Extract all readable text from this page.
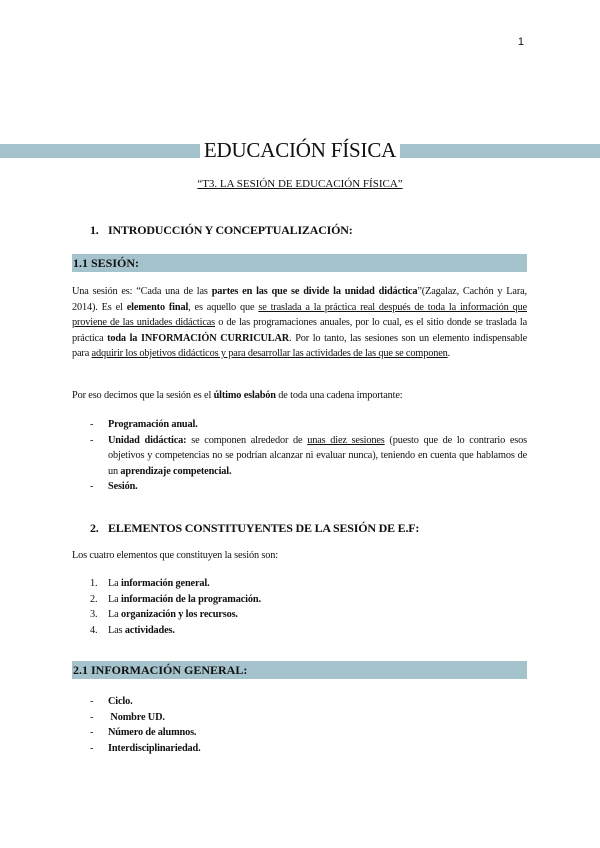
1
EDUCACIÓN FÍSICA
“T3. LA SESIÓN DE EDUCACIÓN FÍSICA”
1. INTRODUCCIÓN Y CONCEPTUALIZACIÓN:
1.1 SESIÓN:
Una sesión es: “Cada una de las partes en las que se divide la unidad didáctica”(Zagalaz, Cachón y Lara, 2014). Es el elemento final, es aquello que se traslada a la práctica real después de toda la información que proviene de las unidades didácticas o de las programaciones anuales, por lo cual, es el sitio donde se traslada la práctica toda la INFORMACIÓN CURRICULAR. Por lo tanto, las sesiones son un elemento indispensable para adquirir los objetivos didácticos y para desarrollar las actividades de las que se componen.
Por eso decimos que la sesión es el último eslabón de toda una cadena importante:
- Programación anual.
- Unidad didáctica: se componen alrededor de unas diez sesiones (puesto que de lo contrario esos objetivos y competencias no se podrían alcanzar ni evaluar nunca), teniendo en cuenta que hablamos de un aprendizaje competencial.
- Sesión.
2. ELEMENTOS CONSTITUYENTES DE LA SESIÓN DE E.F:
Los cuatro elementos que constituyen la sesión son:
1. La información general.
2. La información de la programación.
3. La organización y los recursos.
4. Las actividades.
2.1 INFORMACIÓN GENERAL:
- Ciclo.
- Nombre UD.
- Número de alumnos.
- Interdisciplinariedad.
